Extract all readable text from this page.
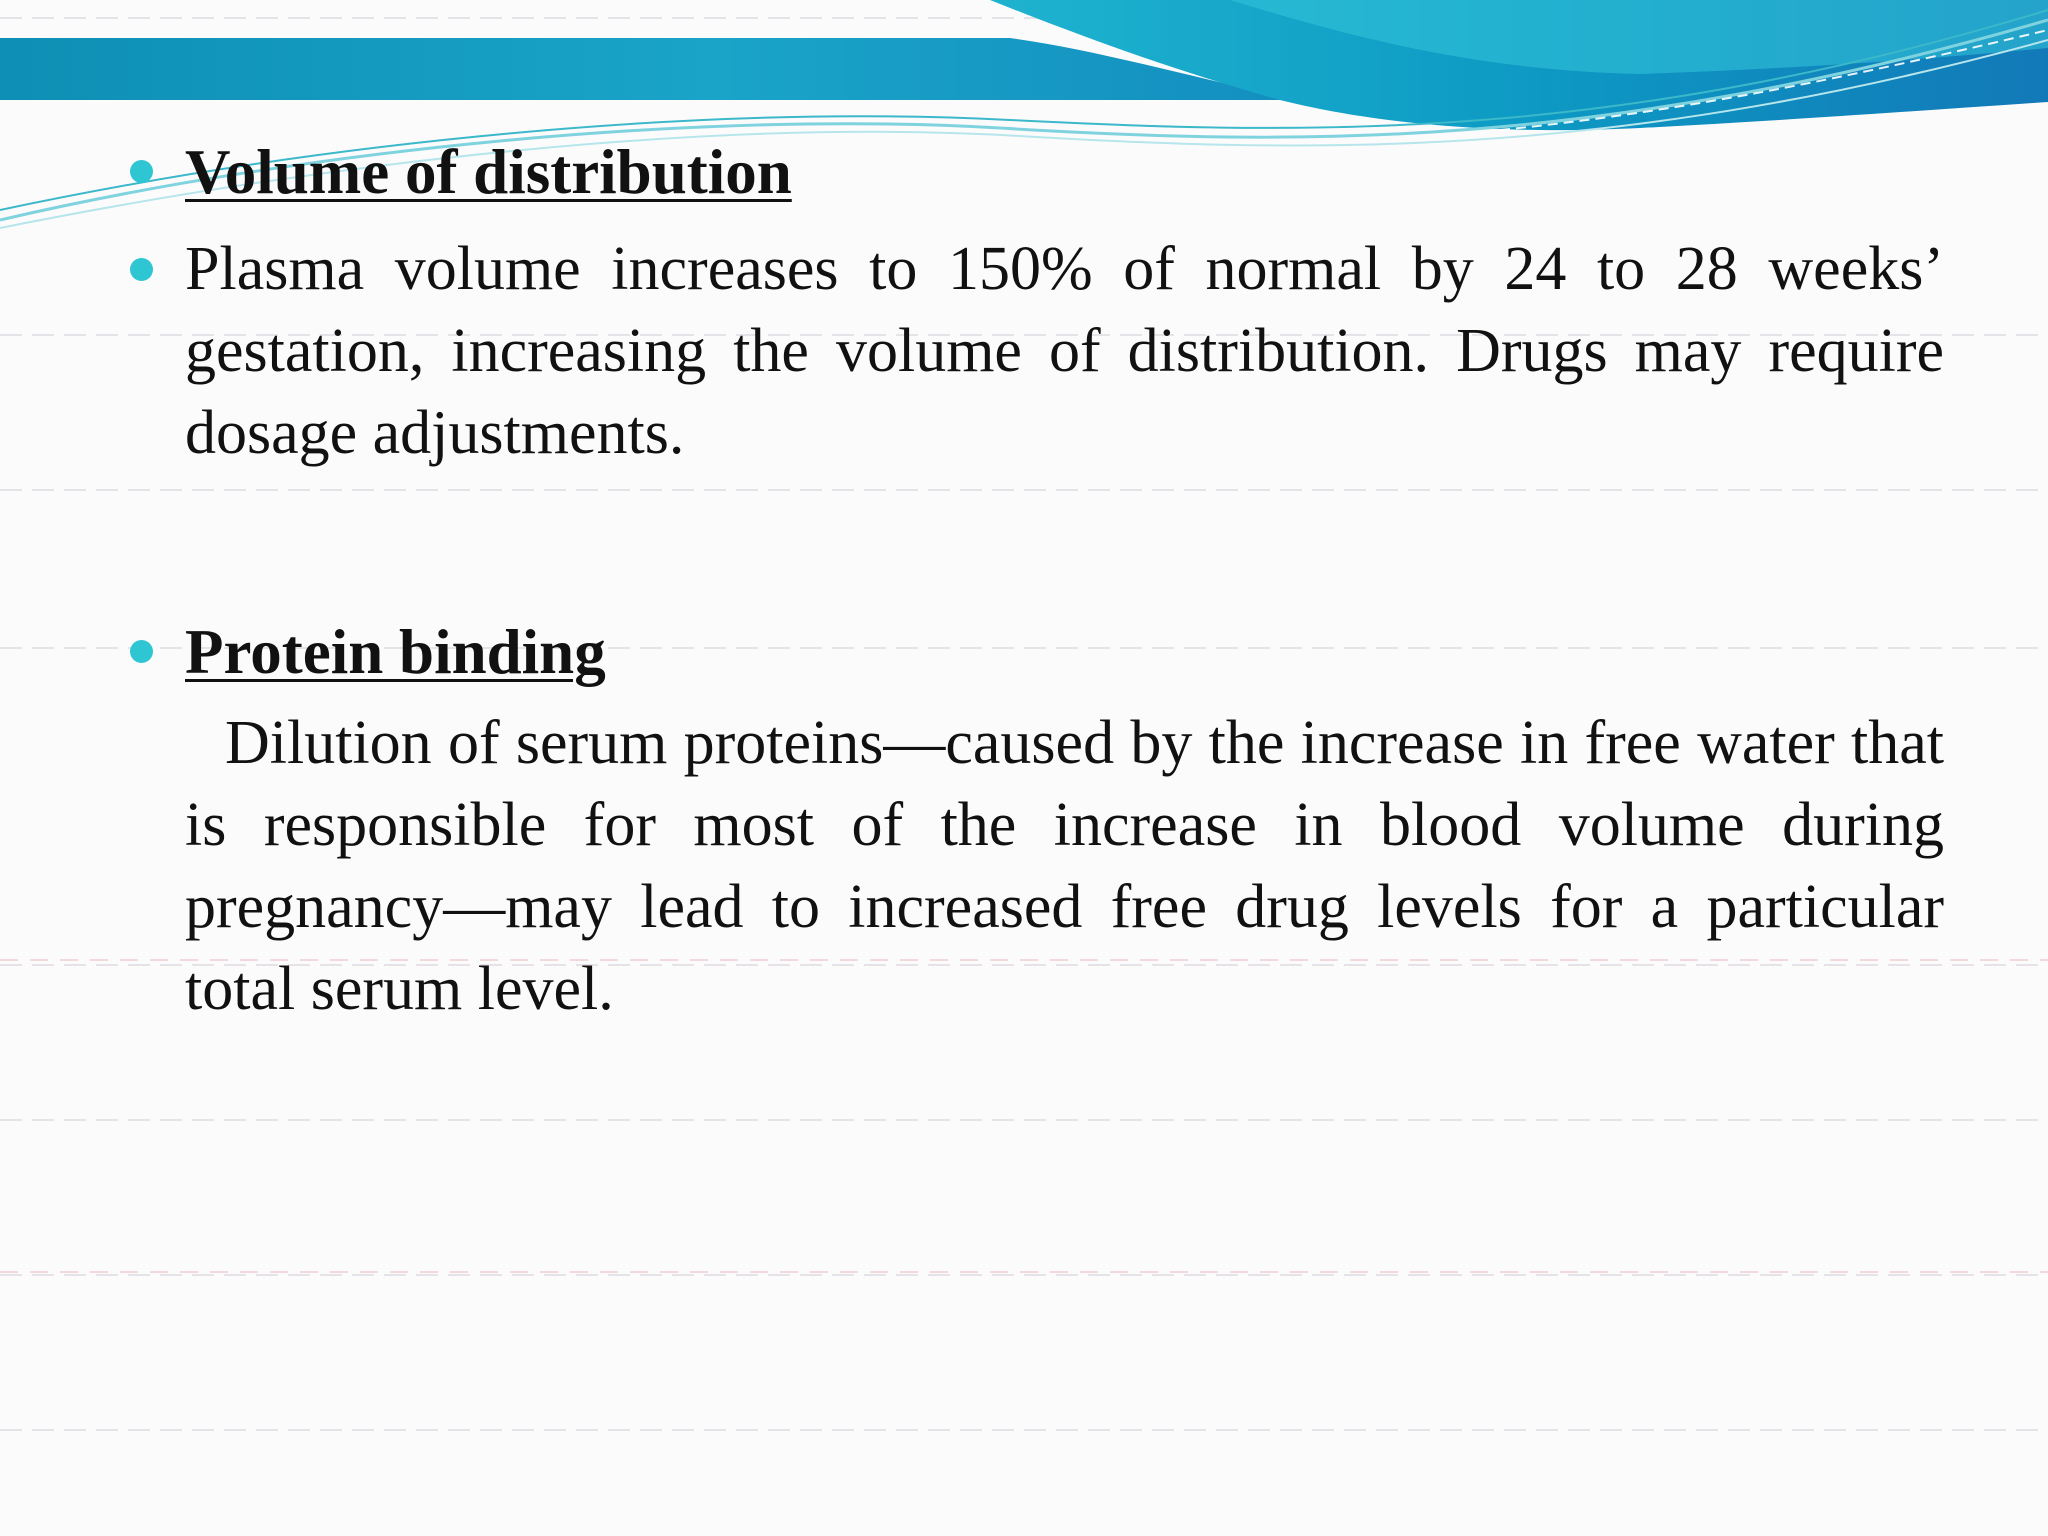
Volume of distribution
Plasma volume increases to 150% of normal by 24 to 28 weeks’ gestation, increasing the volume of distribution. Drugs may require dosage adjustments.
Protein binding
Dilution of serum proteins—caused by the increase in free water that is responsible for most of the increase in blood volume during pregnancy—may lead to increased free drug levels for a particular total serum level.
